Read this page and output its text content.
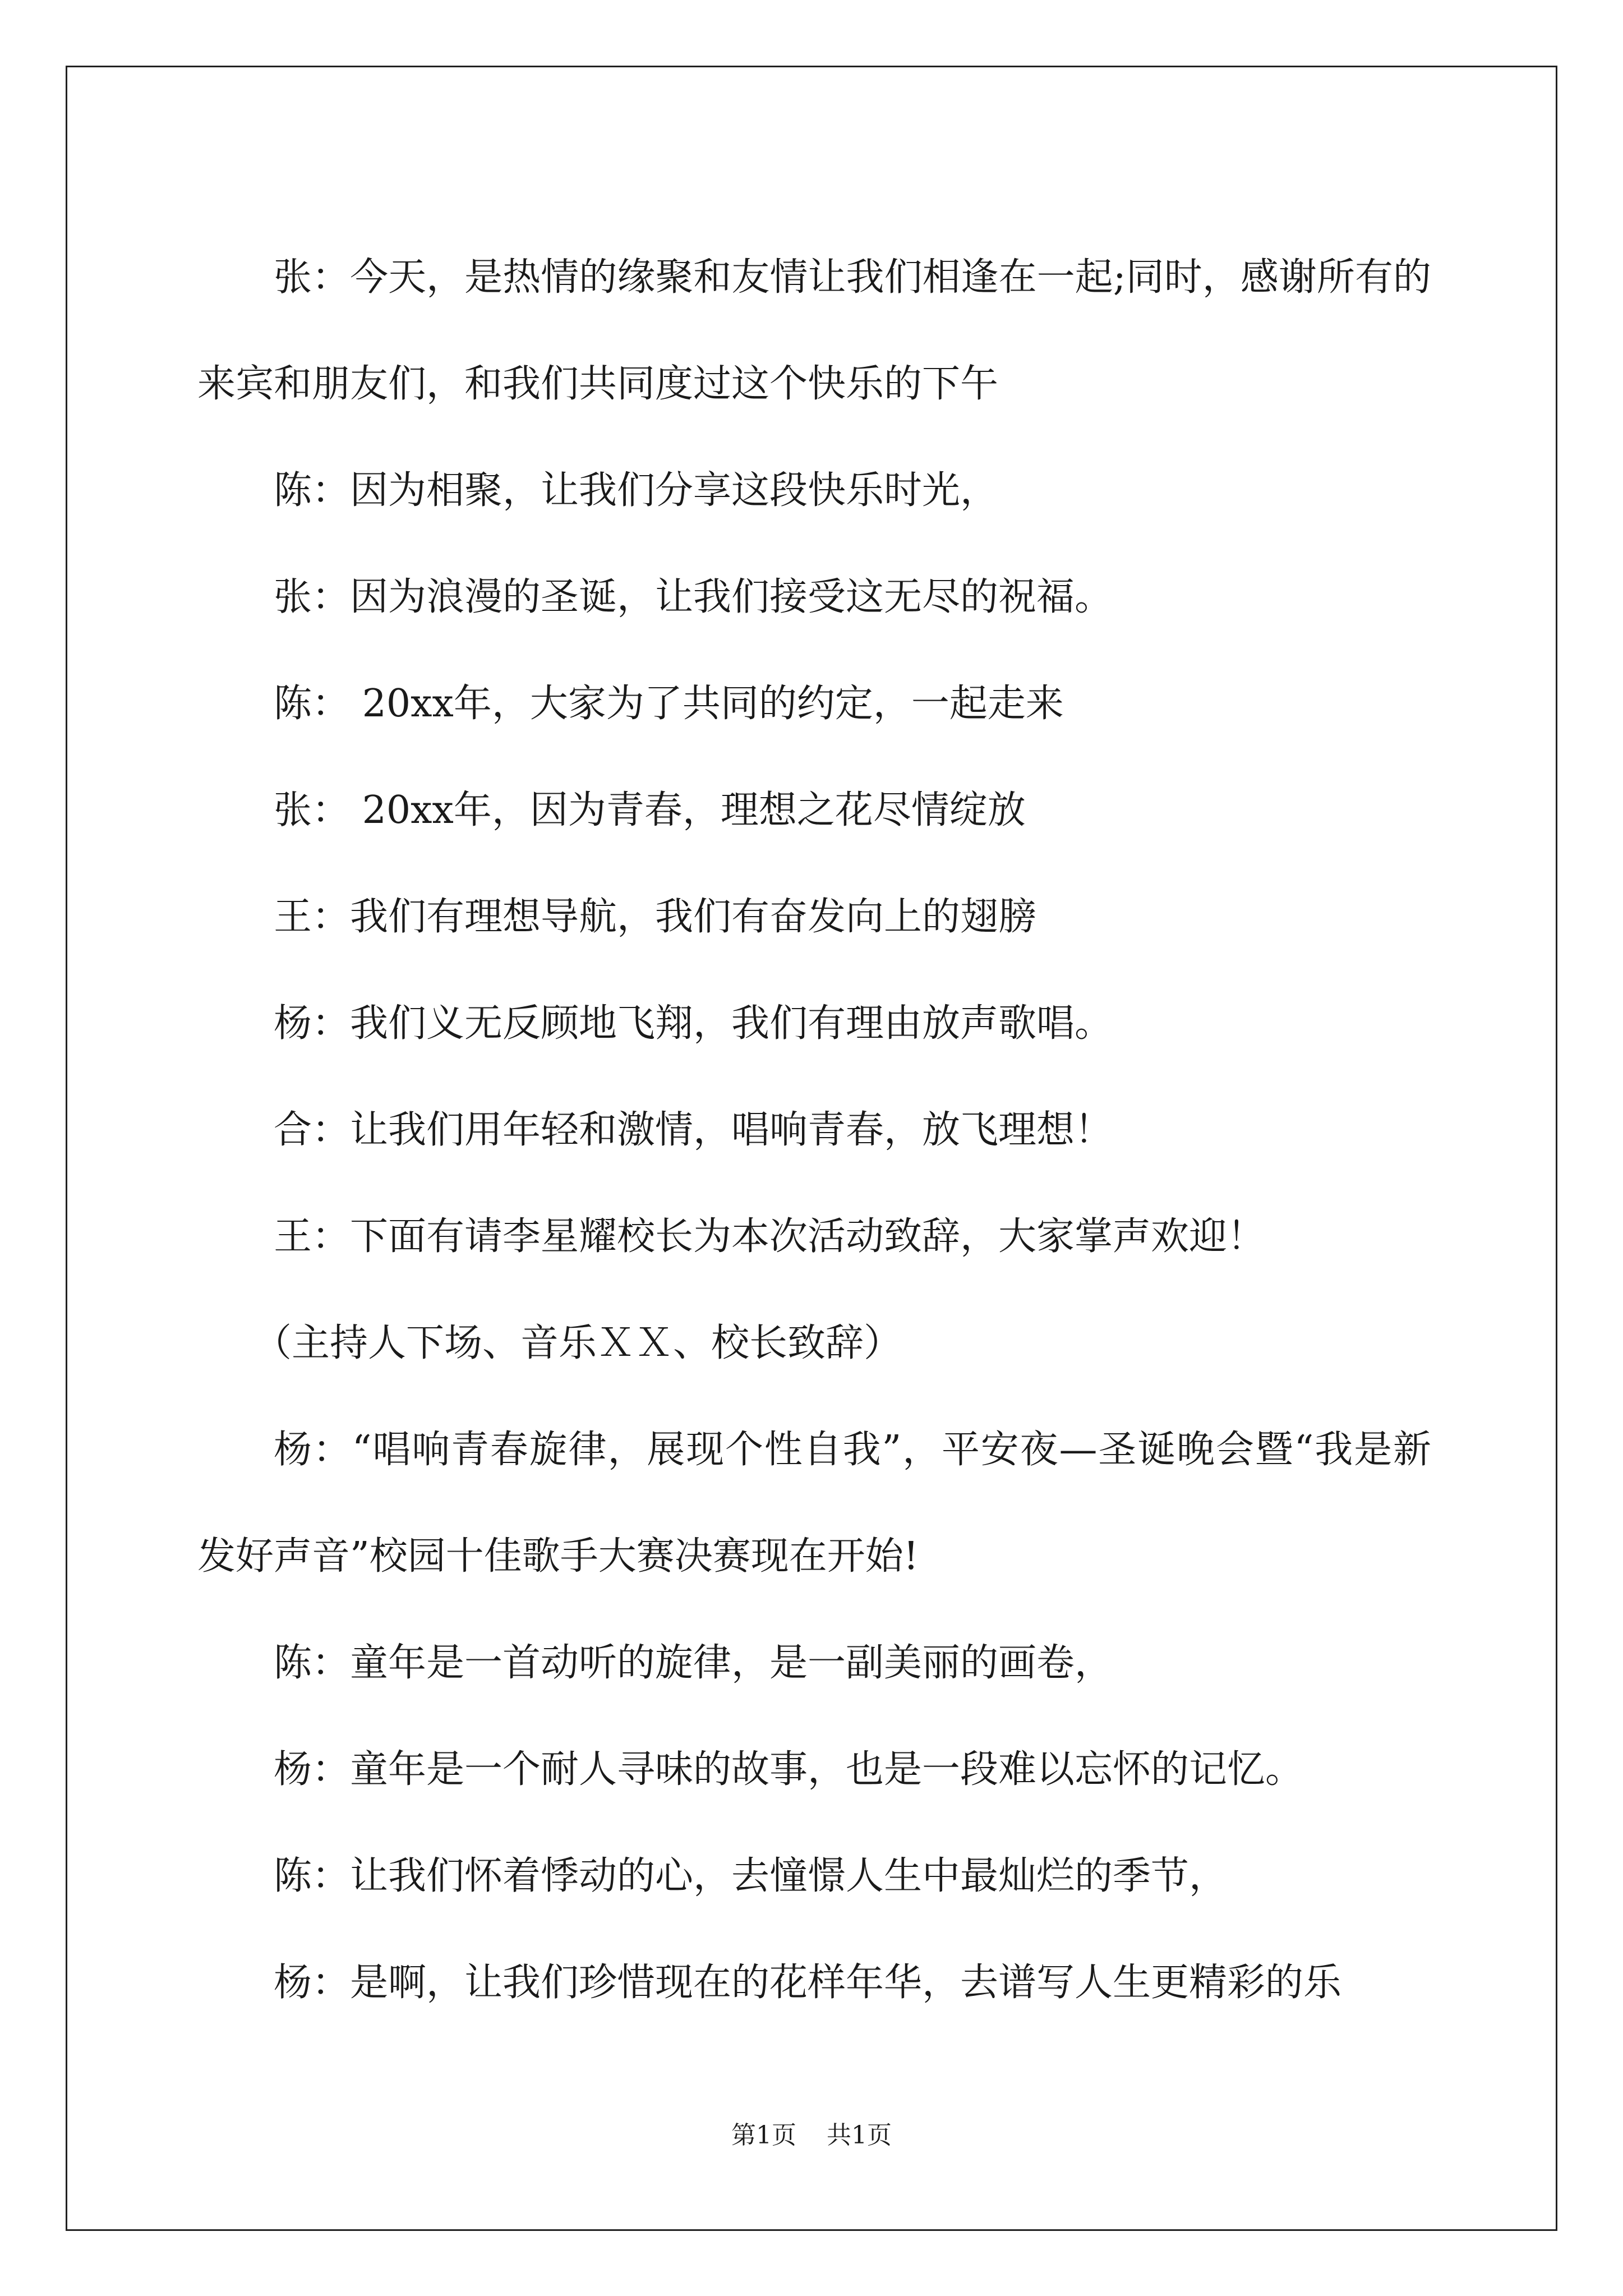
张：今天，是热情的缘聚和友情让我们相逢在一起;同时，感谢所有的来宾和朋友们，和我们共同度过这个快乐的下午

陈：因为相聚，让我们分享这段快乐时光，

张：因为浪漫的圣诞，让我们接受这无尽的祝福。

陈： 20xx年，大家为了共同的约定，一起走来

张： 20xx年，因为青春，理想之花尽情绽放

王：我们有理想导航，我们有奋发向上的翅膀

杨：我们义无反顾地飞翔，我们有理由放声歌唱。

合：让我们用年轻和激情，唱响青春，放飞理想！

王：下面有请李星耀校长为本次活动致辞，大家掌声欢迎！

（主持人下场、音乐ＸＸ、校长致辞）

杨：“唱响青春旋律，展现个性自我”，平安夜—圣诞晚会暨“我是新发好声音”校园十佳歌手大赛决赛现在开始!

陈：童年是一首动听的旋律，是一副美丽的画卷，

杨：童年是一个耐人寻味的故事，也是一段难以忘怀的记忆。

陈：让我们怀着悸动的心，去憧憬人生中最灿烂的季节，

杨：是啊，让我们珍惜现在的花样年华，去谱写人生更精彩的乐

第1页 共1页
